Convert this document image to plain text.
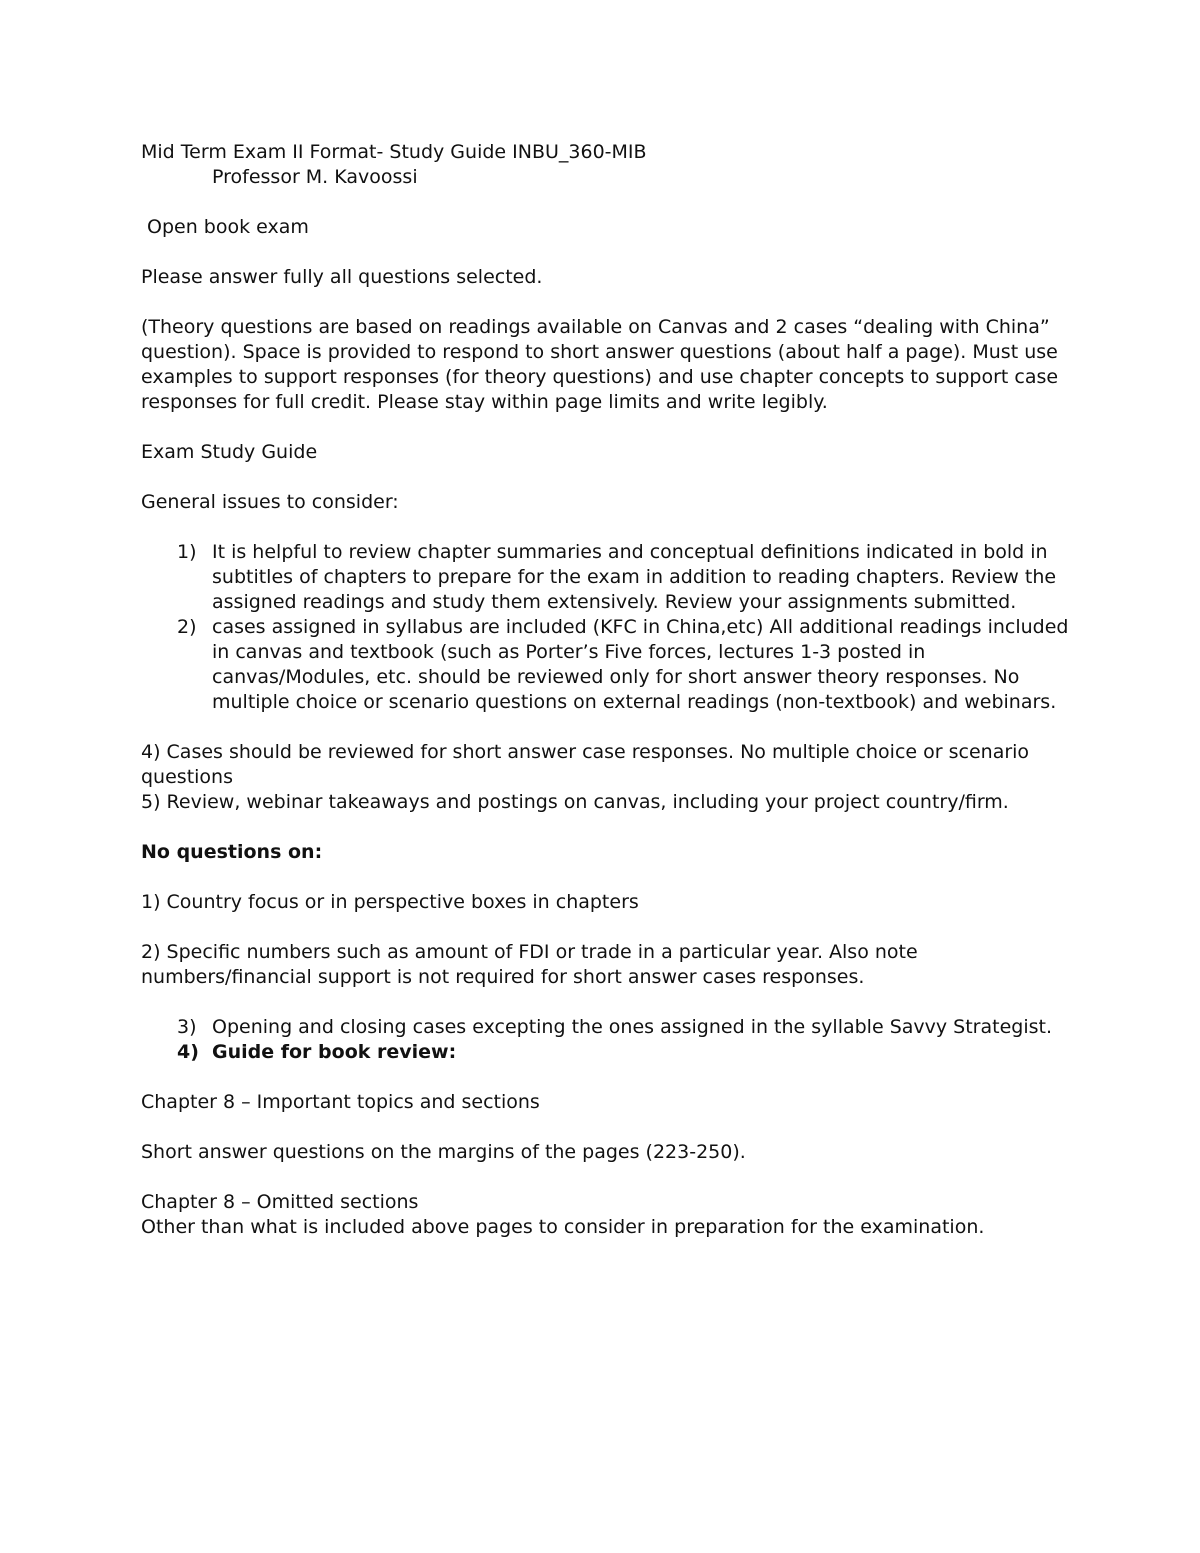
Mid Term Exam II Format- Study Guide INBU_360-MIB
Professor M. Kavoossi
Open book exam
Please answer fully all questions selected.
(Theory questions are based on readings available on Canvas and 2 cases “dealing with China” question). Space is provided to respond to short answer questions (about half a page). Must use examples to support responses (for theory questions) and use chapter concepts to support case responses for full credit. Please stay within page limits and write legibly.
Exam Study Guide
General issues to consider:
1) It is helpful to review chapter summaries and conceptual definitions indicated in bold in subtitles of chapters to prepare for the exam in addition to reading chapters. Review the assigned readings and study them extensively. Review your assignments submitted.
2) cases assigned in syllabus are included (KFC in China,etc) All additional readings included in canvas and textbook (such as Porter’s Five forces, lectures 1-3 posted in canvas/Modules, etc. should be reviewed only for short answer theory responses. No multiple choice or scenario questions on external readings (non-textbook) and webinars.
4) Cases should be reviewed for short answer case responses. No multiple choice or scenario questions
5) Review, webinar takeaways and postings on canvas, including your project country/firm.
No questions on:
1) Country focus or in perspective boxes in chapters
2) Specific numbers such as amount of FDI or trade in a particular year. Also note numbers/financial support is not required for short answer cases responses.
3) Opening and closing cases excepting the ones assigned in the syllable Savvy Strategist.
4) Guide for book review:
Chapter 8 – Important topics and sections
Short answer questions on the margins of the pages (223-250).
Chapter 8 – Omitted sections
Other than what is included above pages to consider in preparation for the examination.
